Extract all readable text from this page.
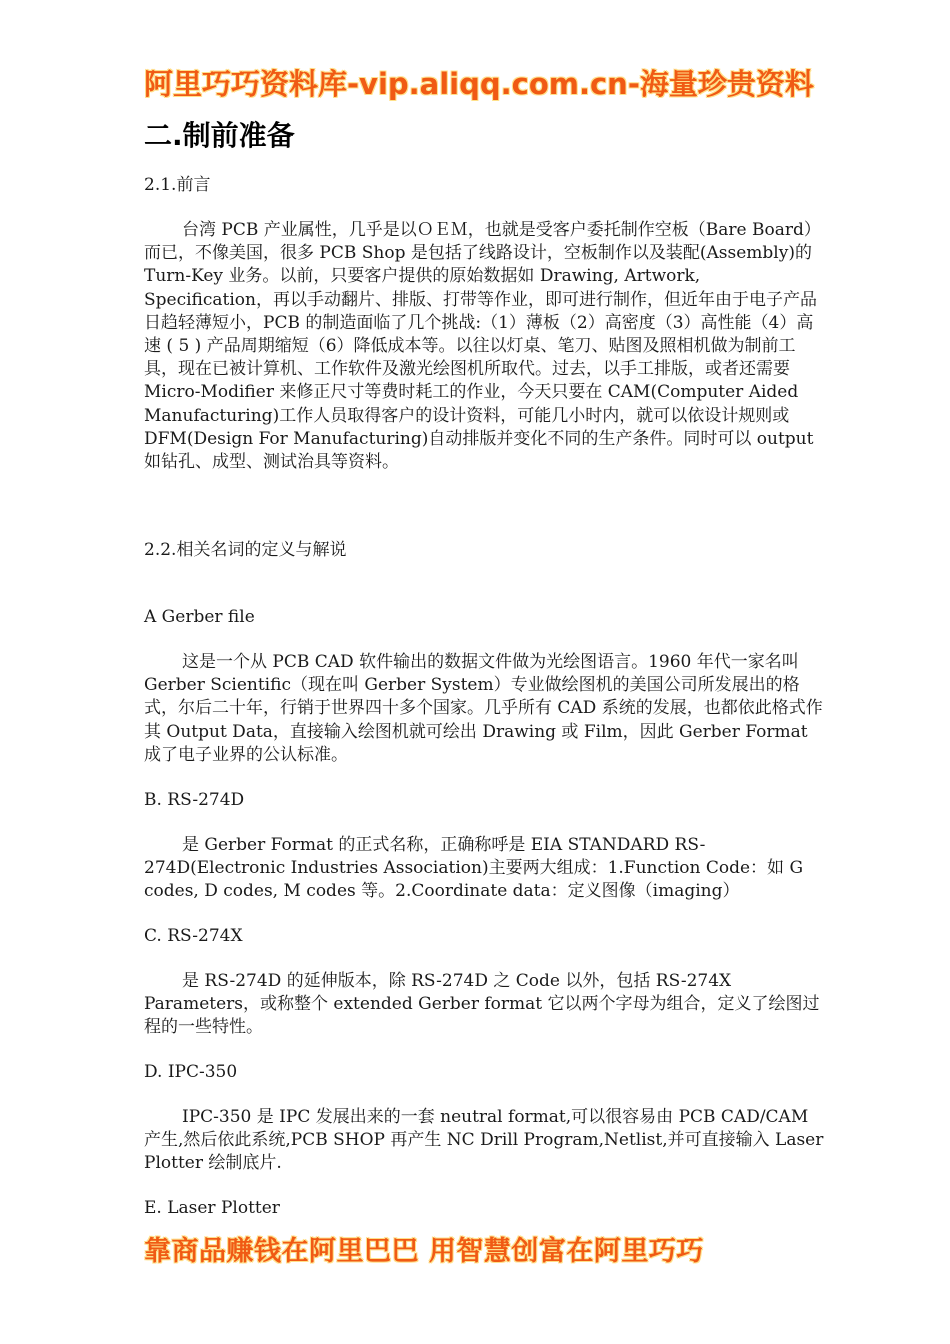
阿里巧巧资料库-vip.aliqq.com.cn-海量珍贵资料
二.制前准备
2.1.前言
台湾 PCB 产业属性，几乎是以ＯＥＭ，也就是受客户委托制作空板（Bare Board）而已，不像美国，很多 PCB Shop 是包括了线路设计，空板制作以及装配(Assembly)的 Turn-Key 业务。以前，只要客户提供的原始数据如 Drawing, Artwork, Specification，再以手动翻片、排版、打带等作业，即可进行制作，但近年由于电子产品日趋轻薄短小，PCB 的制造面临了几个挑战:（1）薄板（2）高密度（3）高性能（4）高速 ( 5 ) 产品周期缩短（6）降低成本等。以往以灯桌、笔刀、贴图及照相机做为制前工具，现在已被计算机、工作软件及激光绘图机所取代。过去，以手工排版，或者还需要 Micro-Modifier 来修正尺寸等费时耗工的作业，今天只要在 CAM(Computer Aided Manufacturing)工作人员取得客户的设计资料，可能几小时内，就可以依设计规则或 DFM(Design For Manufacturing)自动排版并变化不同的生产条件。同时可以 output 如钻孔、成型、测试治具等资料。
2.2.相关名词的定义与解说
A Gerber file
这是一个从 PCB CAD 软件输出的数据文件做为光绘图语言。1960 年代一家名叫 Gerber Scientific（现在叫 Gerber System）专业做绘图机的美国公司所发展出的格式，尔后二十年，行销于世界四十多个国家。几乎所有 CAD 系统的发展，也都依此格式作其 Output Data，直接输入绘图机就可绘出 Drawing 或 Film，因此 Gerber Format 成了电子业界的公认标准。
B. RS-274D
是 Gerber Format 的正式名称，正确称呼是 EIA STANDARD RS-274D(Electronic Industries Association)主要两大组成：1.Function Code：如 G codes, D codes, M codes 等。2.Coordinate data：定义图像（imaging）
C. RS-274X
是 RS-274D 的延伸版本，除 RS-274D 之 Code 以外，包括 RS-274X Parameters，或称整个 extended Gerber format 它以两个字母为组合，定义了绘图过程的一些特性。
D. IPC-350
IPC-350 是 IPC 发展出来的一套 neutral format,可以很容易由 PCB CAD/CAM 产生,然后依此系统,PCB SHOP 再产生 NC Drill Program,Netlist,并可直接输入 Laser Plotter 绘制底片.
E. Laser Plotter
靠商品赚钱在阿里巴巴 用智慧创富在阿里巧巧
